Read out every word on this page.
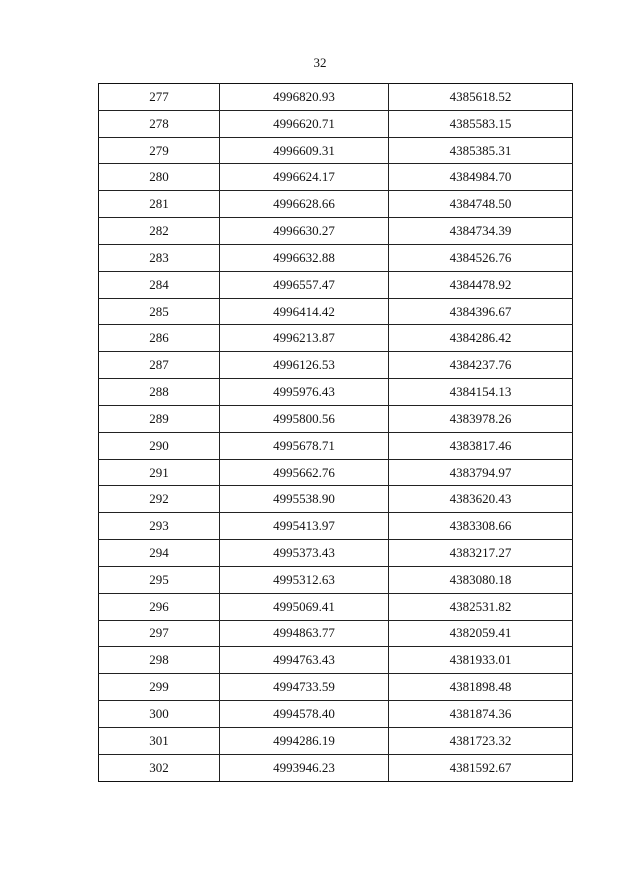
32
277	4996820.93	4385618.52
278	4996620.71	4385583.15
279	4996609.31	4385385.31
280	4996624.17	4384984.70
281	4996628.66	4384748.50
282	4996630.27	4384734.39
283	4996632.88	4384526.76
284	4996557.47	4384478.92
285	4996414.42	4384396.67
286	4996213.87	4384286.42
287	4996126.53	4384237.76
288	4995976.43	4384154.13
289	4995800.56	4383978.26
290	4995678.71	4383817.46
291	4995662.76	4383794.97
292	4995538.90	4383620.43
293	4995413.97	4383308.66
294	4995373.43	4383217.27
295	4995312.63	4383080.18
296	4995069.41	4382531.82
297	4994863.77	4382059.41
298	4994763.43	4381933.01
299	4994733.59	4381898.48
300	4994578.40	4381874.36
301	4994286.19	4381723.32
302	4993946.23	4381592.67
